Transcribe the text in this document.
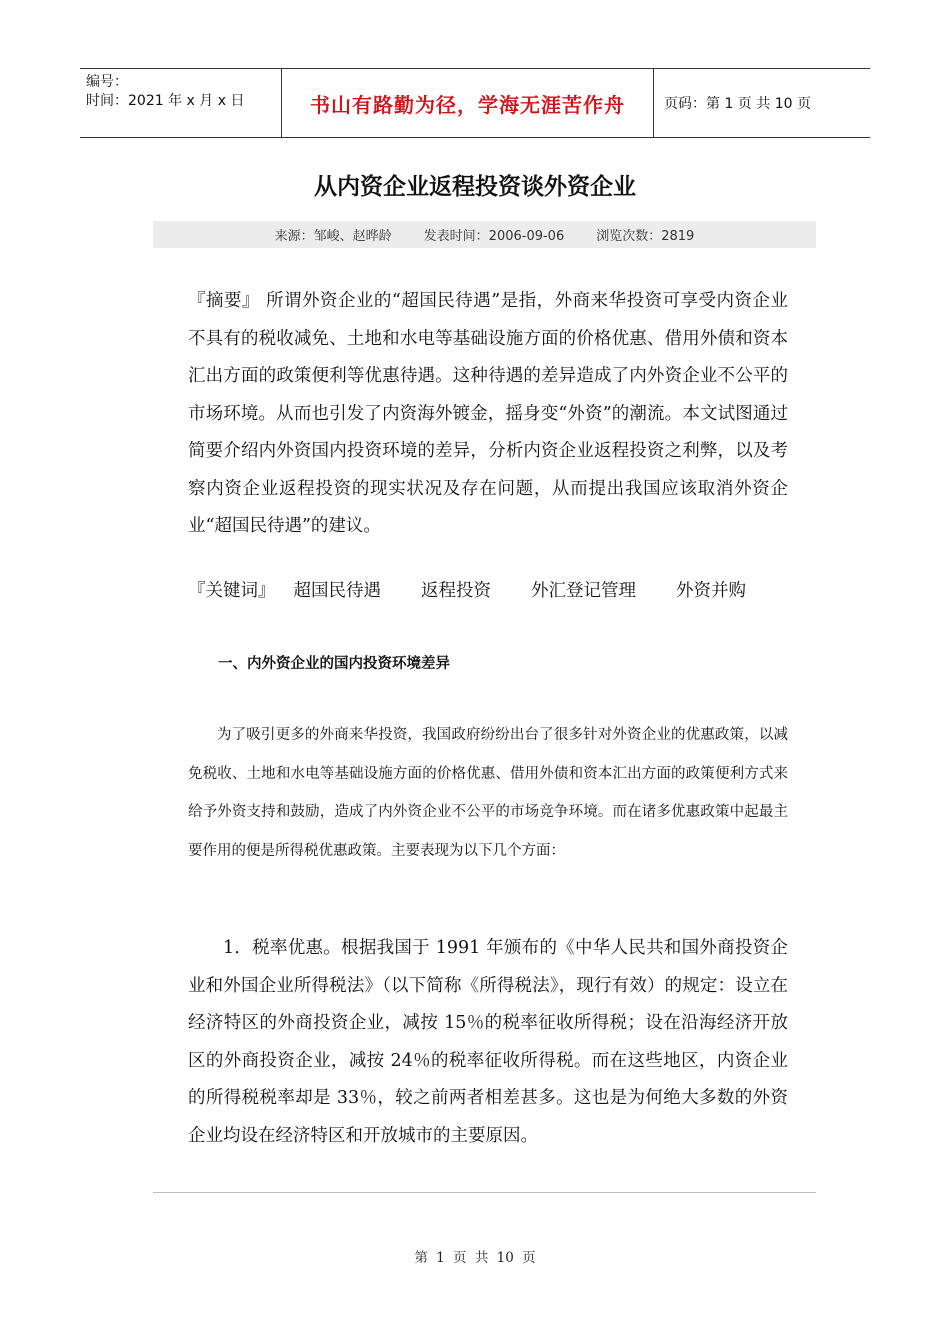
编号：
时间：2021 年 x 月 x 日	书山有路勤为径，学海无涯苦作舟	页码：第 1 页 共 10 页
从内资企业返程投资谈外资企业
来源：邹峻、赵晔龄 发表时间：2006-09-06 浏览次数：2819
『摘要』 所谓外资企业的“超国民待遇”是指，外商来华投资可享受内资企业不具有的税收减免、土地和水电等基础设施方面的价格优惠、借用外债和资本汇出方面的政策便利等优惠待遇。这种待遇的差异造成了内外资企业不公平的市场环境。从而也引发了内资海外镀金，摇身变“外资”的潮流。本文试图通过简要介绍内外资国内投资环境的差异，分析内资企业返程投资之利弊，以及考察内资企业返程投资的现实状况及存在问题，从而提出我国应该取消外资企业“超国民待遇”的建议。
『关键词』 超国民待遇 返程投资 外汇登记管理 外资并购
一、内外资企业的国内投资环境差异
为了吸引更多的外商来华投资，我国政府纷纷出台了很多针对外资企业的优惠政策，以减免税收、土地和水电等基础设施方面的价格优惠、借用外债和资本汇出方面的政策便利方式来给予外资支持和鼓励，造成了内外资企业不公平的市场竞争环境。而在诸多优惠政策中起最主要作用的便是所得税优惠政策。主要表现为以下几个方面：
1．税率优惠。根据我国于 1991 年颁布的《中华人民共和国外商投资企业和外国企业所得税法》（以下简称《所得税法》，现行有效）的规定：设立在经济特区的外商投资企业，减按 15％的税率征收所得税；设在沿海经济开放区的外商投资企业，减按 24％的税率征收所得税。而在这些地区，内资企业的所得税税率却是 33％，较之前两者相差甚多。这也是为何绝大多数的外资企业均设在经济特区和开放城市的主要原因。
第 1 页 共 10 页
